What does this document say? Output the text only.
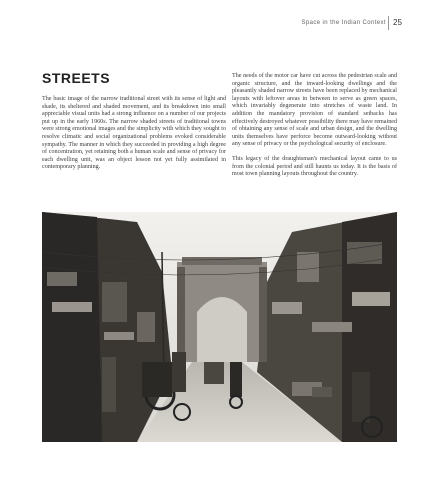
Space in the Indian Context 25
STREETS

The basic image of the narrow traditional street with its sense of light and shade, its sheltered and shaded movement, and its breakdown into small appreciable visual units had a strong influence on a number of our projects put up in the early 1960s. The narrow shaded streets of traditional towns were strong emotional images and the simplicity with which they sought to resolve climatic and social organizational problems evoked considerable sympathy. The manner in which they succeeded in providing a high degree of concentration, yet retaining both a human scale and sense of privacy for each dwelling unit, was an object lesson not yet fully assimilated in contemporary planning.

The needs of the motor car have cut across the pedestrian scale and organic structure, and the inward-looking dwellings and the pleasantly shaded narrow streets have been replaced by mechanical layouts with leftover areas in between to serve as green spaces, which invariably degenerate into stretches of waste land. In addition the mandatory provision of standard setbacks has effectively destroyed whatever possibility there may have remained of obtaining any sense of scale and urban design, and the dwelling units themselves have perforce become outward-looking without any sense of privacy or the psychological security of enclosure.

This legacy of the draughtsman's mechanical layout came to us from the colonial period and still haunts us today. It is the basis of most town planning layouts throughout the country.
